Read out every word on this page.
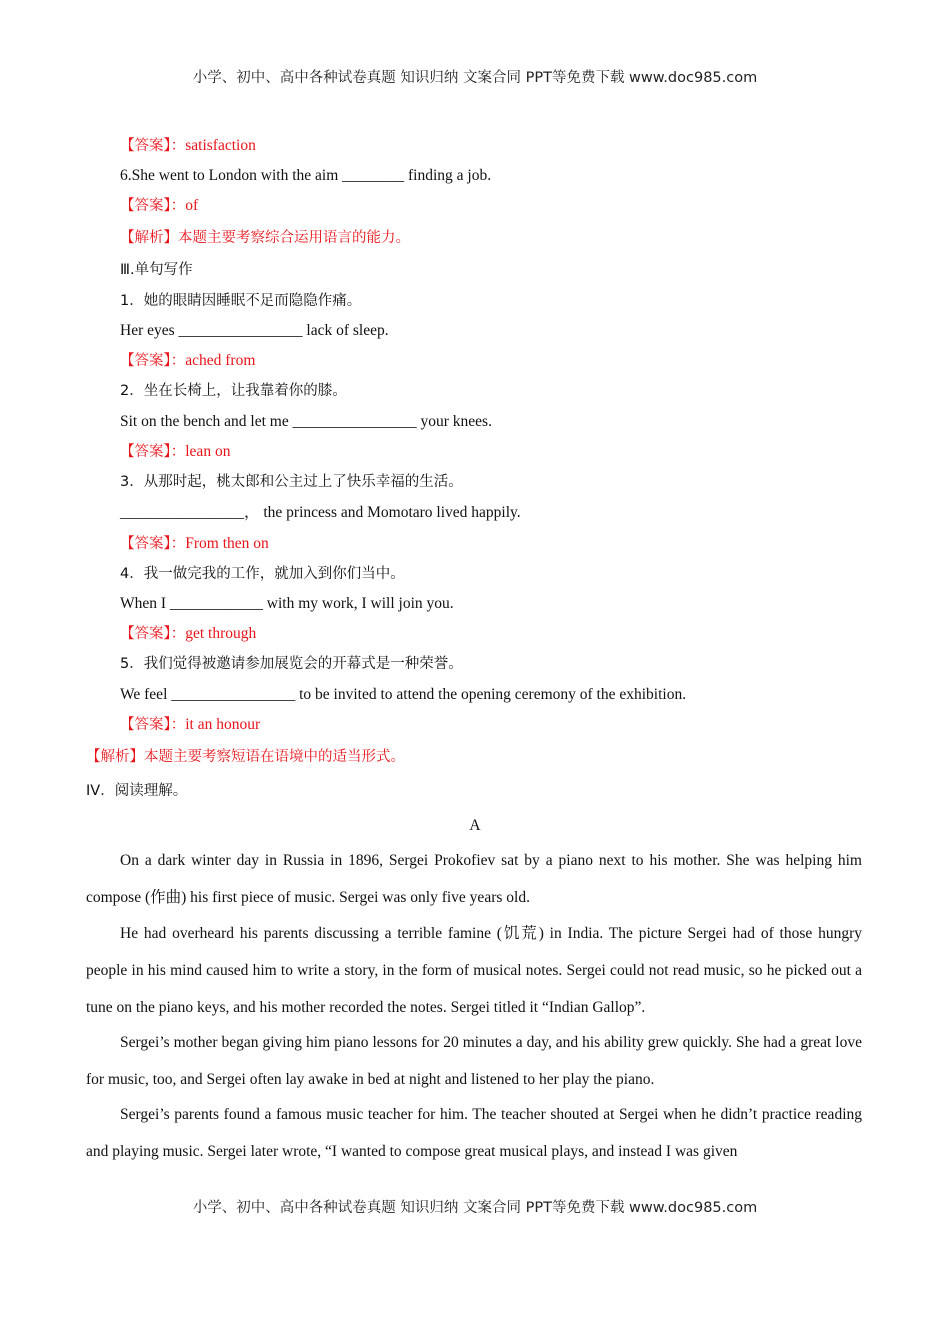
小学、初中、高中各种试卷真题 知识归纳 文案合同 PPT等免费下载 www.doc985.com
【答案】：satisfaction
6.She went to London with the aim ________ finding a job.
【答案】：of
【解析】本题主要考察综合运用语言的能力。
Ⅲ.单句写作
1．她的眼睛因睡眠不足而隐隐作痛。
Her eyes ________________ lack of sleep.
【答案】：ached from
2．坐在长椅上，让我靠着你的膝。
Sit on the bench and let me ________________ your knees.
【答案】：lean on
3．从那时起，桃太郎和公主过上了快乐幸福的生活。
________________， the princess and Momotaro lived happily.
【答案】：From then on
4．我一做完我的工作，就加入到你们当中。
When I ____________ with my work, I will join you.
【答案】：get through
5．我们觉得被邀请参加展览会的开幕式是一种荣誉。
We feel ________________ to be invited to attend the opening ceremony of the exhibition.
【答案】：it an honour
【解析】本题主要考察短语在语境中的适当形式。
IV．阅读理解。
A
On a dark winter day in Russia in 1896, Sergei Prokofiev sat by a piano next to his mother. She was helping him compose (作曲) his first piece of music. Sergei was only five years old.
He had overheard his parents discussing a terrible famine (饥荒) in India. The picture Sergei had of those hungry people in his mind caused him to write a story, in the form of musical notes. Sergei could not read music, so he picked out a tune on the piano keys, and his mother recorded the notes. Sergei titled it “Indian Gallop”.
Sergei’s mother began giving him piano lessons for 20 minutes a day, and his ability grew quickly. She had a great love for music, too, and Sergei often lay awake in bed at night and listened to her play the piano.
Sergei’s parents found a famous music teacher for him. The teacher shouted at Sergei when he didn’t practice reading and playing music. Sergei later wrote, “I wanted to compose great musical plays, and instead I was given
小学、初中、高中各种试卷真题 知识归纳 文案合同 PPT等免费下载 www.doc985.com
